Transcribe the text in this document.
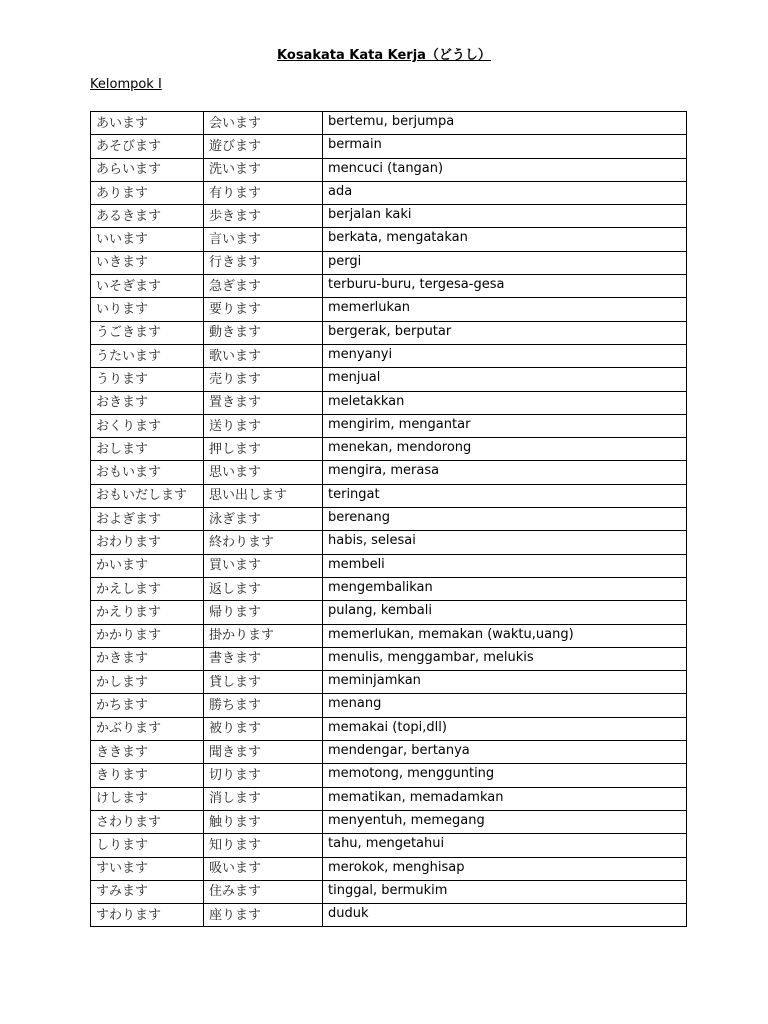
Kosakata Kata Kerja（どうし）
Kelompok I
あいます	会います	bertemu, berjumpa
あそびます	遊びます	bermain
あらいます	洗います	mencuci (tangan)
あります	有ります	ada
あるきます	歩きます	berjalan kaki
いいます	言います	berkata, mengatakan
いきます	行きます	pergi
いそぎます	急ぎます	terburu-buru, tergesa-gesa
いります	要ります	memerlukan
うごきます	動きます	bergerak, berputar
うたいます	歌います	menyanyi
うります	売ります	menjual
おきます	置きます	meletakkan
おくります	送ります	mengirim, mengantar
おします	押します	menekan, mendorong
おもいます	思います	mengira, merasa
おもいだします	思い出します	teringat
およぎます	泳ぎます	berenang
おわります	終わります	habis, selesai
かいます	買います	membeli
かえします	返します	mengembalikan
かえります	帰ります	pulang, kembali
かかります	掛かります	memerlukan, memakan (waktu,uang)
かきます	書きます	menulis, menggambar, melukis
かします	貸します	meminjamkan
かちます	勝ちます	menang
かぶります	被ります	memakai (topi,dll)
ききます	聞きます	mendengar, bertanya
きります	切ります	memotong, menggunting
けします	消します	mematikan, memadamkan
さわります	触ります	menyentuh, memegang
しります	知ります	tahu, mengetahui
すいます	吸います	merokok, menghisap
すみます	住みます	tinggal, bermukim
すわります	座ります	duduk
